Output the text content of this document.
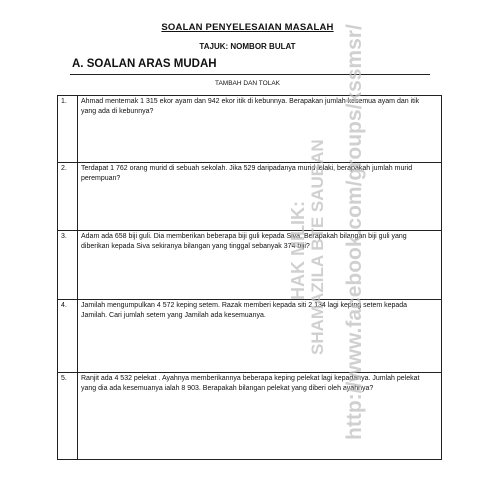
SOALAN PENYELESAIAN MASALAH
TAJUK: NOMBOR BULAT
A. SOALAN ARAS MUDAH
TAMBAH DAN TOLAK
1. Ahmad menternak 1 315 ekor ayam dan 942 ekor itik di kebunnya. Berapakan jumlah kesemua ayam dan itik yang ada di kebunnya?
2. Terdapat 1 762 orang murid di sebuah sekolah. Jika 529 daripadanya murid lelaki, berapakah jumlah murid perempuan?
3. Adam ada 658 biji guli. Dia memberikan beberapa biji guli kepada Siva. Berapakah bilangan biji guli yang diberikan kepada Siva sekiranya bilangan yang tinggal sebanyak 374 biji?
4. Jamilah mengumpulkan 4 572 keping setem. Razak memberi kepada siti 2 134 lagi keping setem kepada Jamilah. Cari jumlah setem yang Jamilah ada kesemuanya.
5. Ranjit ada 4 532 pelekat . Ayahnya memberikannya beberapa keping pelekat lagi kepadanya. Jumlah pelekat yang dia ada kesemuanya ialah 8 903. Berapakah bilangan pelekat yang diberi oleh ayahnya?
HAK MILIK: SHAMAZILA BTE SAUBAN http://www.facebook.com/groups/kssmsr/
